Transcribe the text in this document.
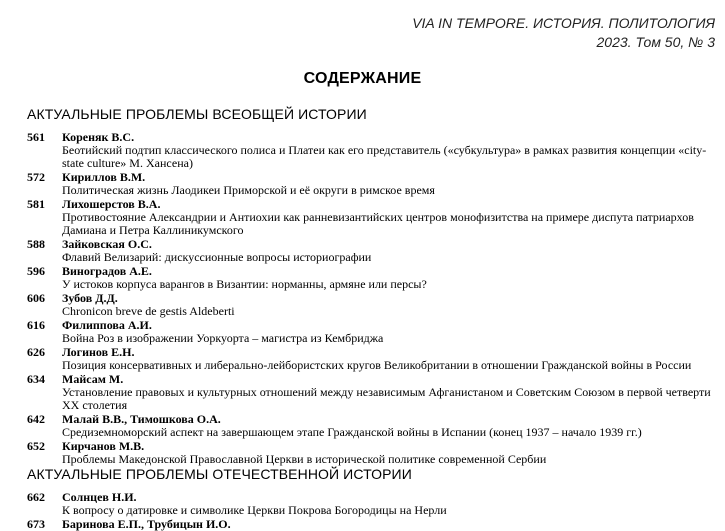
VIA IN TEMPORE. ИСТОРИЯ. ПОЛИТОЛОГИЯ
2023. Том 50, № 3
СОДЕРЖАНИЕ
АКТУАЛЬНЫЕ ПРОБЛЕМЫ ВСЕОБЩЕЙ ИСТОРИИ
561 Кореняк В.С.
Беотийский подтип классического полиса и Платеи как его представитель («субкультура» в рамках развития концепции «city-state culture» М. Хансена)
572 Кириллов В.М.
Политическая жизнь Лаодикеи Приморской и её округи в римское время
581 Лихошерстов В.А.
Противостояние Александрии и Антиохии как ранневизантийских центров монофизитства на примере диспута патриархов Дамиана и Петра Каллиникумского
588 Зайковская О.С.
Флавий Велизарий: дискуссионные вопросы историографии
596 Виноградов А.Е.
У истоков корпуса варангов в Византии: норманны, армяне или персы?
606 Зубов Д.Д.
Chronicon breve de gestis Aldeberti
616 Филиппова А.И.
Война Роз в изображении Уоркуорта – магистра из Кембриджа
626 Логинов Е.Н.
Позиция консервативных и либерально-лейбористских кругов Великобритании в отношении Гражданской войны в России
634 Майсам М.
Установление правовых и культурных отношений между независимым Афганистаном и Советским Союзом в первой четверти XX столетия
642 Малай В.В., Тимошкова О.А.
Средиземноморский аспект на завершающем этапе Гражданской войны в Испании (конец 1937 – начало 1939 гг.)
652 Кирчанов М.В.
Проблемы Македонской Православной Церкви в исторической политике современной Сербии
АКТУАЛЬНЫЕ ПРОБЛЕМЫ ОТЕЧЕСТВЕННОЙ ИСТОРИИ
662 Солнцев Н.И.
К вопросу о датировке и символике Церкви Покрова Богородицы на Нерли
673 Баринова Е.П., Трубицын И.О.
